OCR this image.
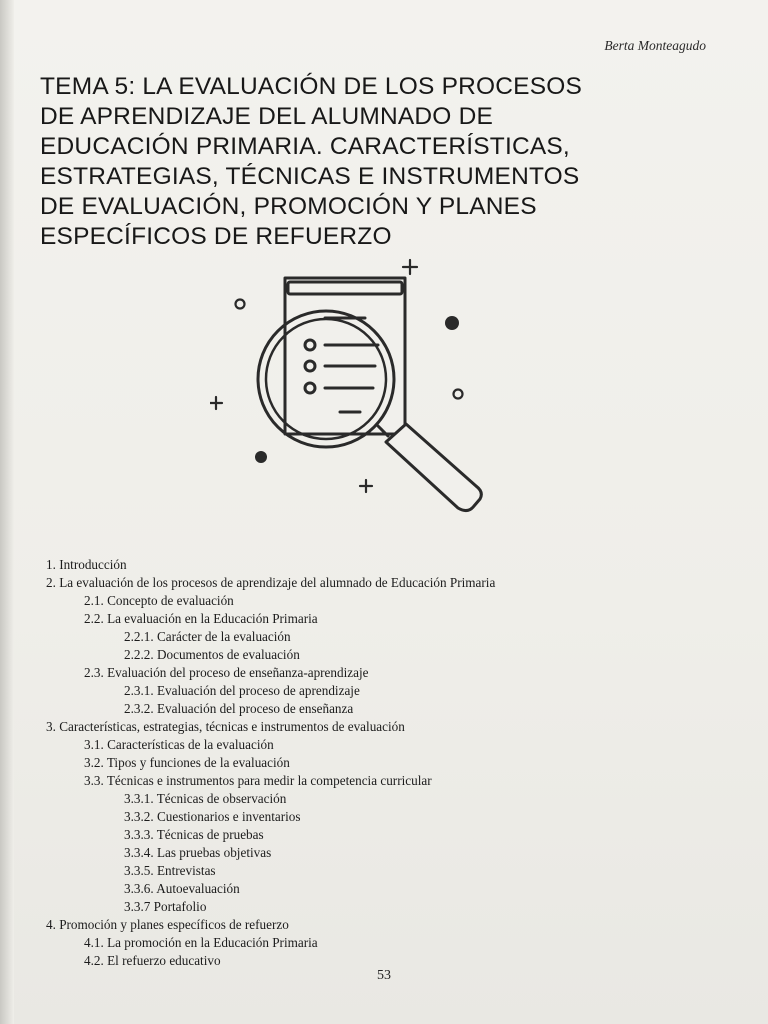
Berta Monteagudo
TEMA 5: LA EVALUACIÓN DE LOS PROCESOS
DE APRENDIZAJE DEL ALUMNADO DE
EDUCACIÓN PRIMARIA. CARACTERÍSTICAS,
ESTRATEGIAS, TÉCNICAS E INSTRUMENTOS
DE EVALUACIÓN, PROMOCIÓN Y PLANES
ESPECÍFICOS DE REFUERZO
1. Introducción
2. La evaluación de los procesos de aprendizaje del alumnado de Educación Primaria
2.1. Concepto de evaluación
2.2. La evaluación en la Educación Primaria
2.2.1. Carácter de la evaluación
2.2.2. Documentos de evaluación
2.3. Evaluación del proceso de enseñanza-aprendizaje
2.3.1. Evaluación del proceso de aprendizaje
2.3.2. Evaluación del proceso de enseñanza
3. Características, estrategias, técnicas e instrumentos de evaluación
3.1. Características de la evaluación
3.2. Tipos y funciones de la evaluación
3.3. Técnicas e instrumentos para medir la competencia curricular
3.3.1. Técnicas de observación
3.3.2. Cuestionarios e inventarios
3.3.3. Técnicas de pruebas
3.3.4. Las pruebas objetivas
3.3.5. Entrevistas
3.3.6. Autoevaluación
3.3.7 Portafolio
4. Promoción y planes específicos de refuerzo
4.1. La promoción en la Educación Primaria
4.2. El refuerzo educativo
53
